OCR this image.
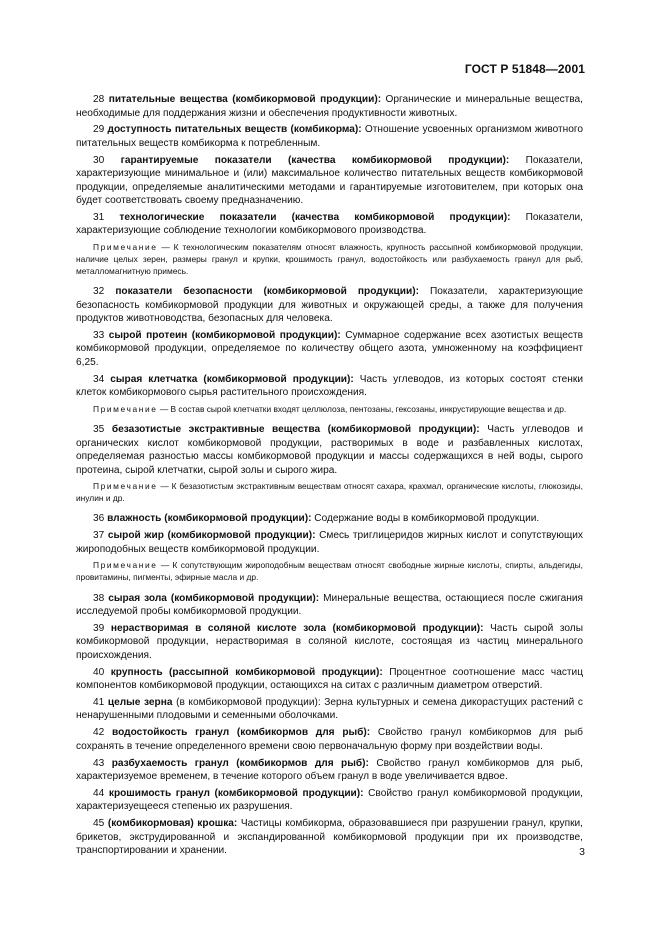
ГОСТ Р 51848—2001

28 питательные вещества (комбикормовой продукции): Органические и минеральные вещества, необходимые для поддержания жизни и обеспечения продуктивности животных.

29 доступность питательных веществ (комбикорма): Отношение усвоенных организмом животного питательных веществ комбикорма к потребленным.

30 гарантируемые показатели (качества комбикормовой продукции): Показатели, характеризующие минимальное и (или) максимальное количество питательных веществ комбикормовой продукции, определяемые аналитическими методами и гарантируемые изготовителем, при которых она будет соответствовать своему предназначению.

31 технологические показатели (качества комбикормовой продукции): Показатели, характеризующие соблюдение технологии комбикормового производства.

Примечание — К технологическим показателям относят влажность, крупность рассыпной комбикормовой продукции, наличие целых зерен, размеры гранул и крупки, крошимость гранул, водостойкость или разбухаемость гранул для рыб, металломагнитную примесь.

32 показатели безопасности (комбикормовой продукции): Показатели, характеризующие безопасность комбикормовой продукции для животных и окружающей среды, а также для получения продуктов животноводства, безопасных для человека.

33 сырой протеин (комбикормовой продукции): Суммарное содержание всех азотистых веществ комбикормовой продукции, определяемое по количеству общего азота, умноженному на коэффициент 6,25.

34 сырая клетчатка (комбикормовой продукции): Часть углеводов, из которых состоят стенки клеток комбикормового сырья растительного происхождения.

Примечание — В состав сырой клетчатки входят целлюлоза, пентозаны, гексозаны, инкрустирующие вещества и др.

35 безазотистые экстрактивные вещества (комбикормовой продукции): Часть углеводов и органических кислот комбикормовой продукции, растворимых в воде и разбавленных кислотах, определяемая разностью массы комбикормовой продукции и массы содержащихся в ней воды, сырого протеина, сырой клетчатки, сырой золы и сырого жира.

Примечание — К безазотистым экстрактивным веществам относят сахара, крахмал, органические кислоты, глюкозиды, инулин и др.

36 влажность (комбикормовой продукции): Содержание воды в комбикормовой продукции.

37 сырой жир (комбикормовой продукции): Смесь триглицеридов жирных кислот и сопутствующих жироподобных веществ комбикормовой продукции.

Примечание — К сопутствующим жироподобным веществам относят свободные жирные кислоты, спирты, альдегиды, провитамины, пигменты, эфирные масла и др.

38 сырая зола (комбикормовой продукции): Минеральные вещества, остающиеся после сжигания исследуемой пробы комбикормовой продукции.

39 нерастворимая в соляной кислоте зола (комбикормовой продукции): Часть сырой золы комбикормовой продукции, нерастворимая в соляной кислоте, состоящая из частиц минерального происхождения.

40 крупность (рассыпной комбикормовой продукции): Процентное соотношение масс частиц компонентов комбикормовой продукции, остающихся на ситах с различным диаметром отверстий.

41 целые зерна (в комбикормовой продукции): Зерна культурных и семена дикорастущих растений с ненарушенными плодовыми и семенными оболочками.

42 водостойкость гранул (комбикормов для рыб): Свойство гранул комбикормов для рыб сохранять в течение определенного времени свою первоначальную форму при воздействии воды.

43 разбухаемость гранул (комбикормов для рыб): Свойство гранул комбикормов для рыб, характеризуемое временем, в течение которого объем гранул в воде увеличивается вдвое.

44 крошимость гранул (комбикормовой продукции): Свойство гранул комбикормовой продукции, характеризуещееся степенью их разрушения.

45 (комбикормовая) крошка: Частицы комбикорма, образовавшиеся при разрушении гранул, крупки, брикетов, экструдированной и экспандированной комбикормовой продукции при их производстве, транспортировании и хранении.	3
